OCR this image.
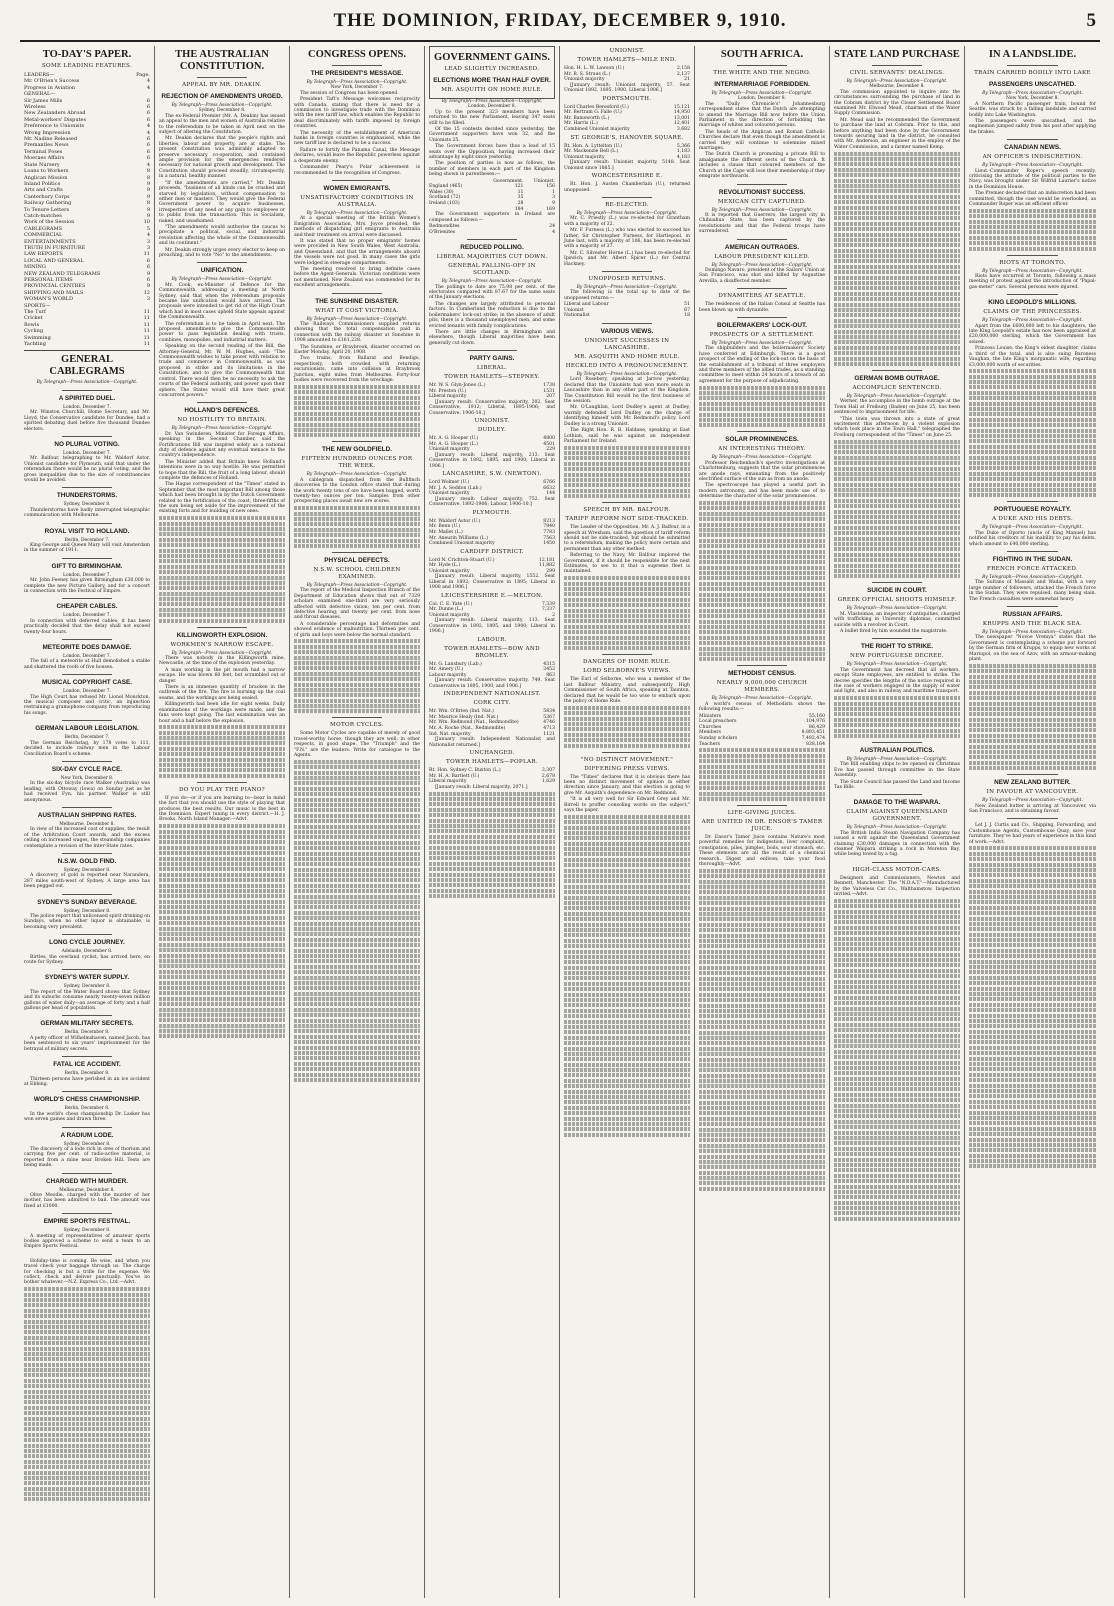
THE DOMINION, FRIDAY, DECEMBER 9, 1910.	5
TO-DAY'S PAPER.
SOME LEADING FEATURES.
LEADERS—	Page.
Mr. O'Brien's Success	4
Progress in Aviation	4
GENERAL—
Sir James Mills	6
Wireless	6
New Zealanders Abroad	6
Metal-workers' Disputes	6
Preference to Unionists	4
Wrong Impression	4
Mr. Nadine Released	6
Premantles News	6
Terminal Poses	6
Moeraes Affairs	6
State Nursery	4
Loans to Workers	8
Anglican Mission	8
Inland Politics	9
Arts and Crafts	9
Canterbury Corps	9
Railway Gathering	8
To Tenure Letters	9
Catch-matches	9
Work of the Session	10
CABLEGRAMS	5
COMMERCIAL	4
ENTERTAINMENTS	3
TRUTH IN FURNITURE	3
LAW REPORTS	11
LOCAL AND GENERAL	6
MINING	6
NEW ZEALAND TELEGRAMS	9
PERSONAL ITEMS	6
PROVINCIAL CENTRES	9
SHIPPING AND MAILS	12
WOMAN'S WORLD	3
SPORTS—
The Turf	11
Cricket	11
Bowls	11
Cycling	11
Swimming	11
Yachting	11
GENERAL CABLEGRAMS
By Telegraph—Press Association—Copyright.
A SPIRITED DUEL.
London, December 7.

Mr. Winston Churchill, Home Secretary, and Mr. Lloyd, the Conservative candidate for Dundee, had a spirited debating duel before five thousand Dundee electors.

NO PLURAL VOTING.
London, December 7.

Mr. Balfour, telegraphing to Mr. Waldorf Astor, Unionist candidate for Plymouth, said that under the referendum there would be no plural voting, and the gross inequalities due to the size of constituencies would be avoided.

THUNDERSTORMS.
Sydney, December 8.

Thunderstorms have badly interrupted telegraphic communication with Melbourne.

ROYAL VISIT TO HOLLAND.
Berlin, December 7.

King George and Queen Mary will visit Amsterdam in the summer of 1911.

GIFT TO BIRMINGHAM.
London, December 7.

Mr. John Feeney has given Birmingham £30,000 to complete the new Picture Gallery, and for a concert in connection with the Festival of Empire.

CHEAPER CABLES.
London, December 7.

In connection with deferred cables, it has been practically decided that the delay shall not exceed twenty-four hours.

METEORITE DOES DAMAGE.
London, December 7.

The fall of a meteorite at Hull demolished a stable and shattered the roofs of five houses.

MUSICAL COPYRIGHT CASE.
London, December 7.

The High Court has refused Mr. Lionel Monckton, the musical composer and critic, an injunction restraining a gramophone company from reproducing his songs.

GERMAN LABOUR LEGISLATION.
Berlin, December 7.

The German Reichstag, by 178 votes to 111, decided to include railway men in the Labour Conciliation Board's scheme.

SIX-DAY CYCLE RACE.
New York, December 8.

In the six-day bicycle race Walker (Australia) was leading, with Ottoway (Iowa) on Sunday just as he had received Fyn, his partner. Walker is still anonymous.

AUSTRALIAN SHIPPING RATES.
Melbourne, December 8.

In view of the increased cost of supplies, the result of the Arbitration Court awards, and the excess ceiling on increased wages, the steamship companies contemplate a revision of the inter-State rates.

N.S.W. GOLD FIND.
Sydney, December 8.

A discovery of gold is reported near Narandera, 287 miles south-west of Sydney. A large area has been pegged out.

SYDNEY'S SUNDAY BEVERAGE.
Sydney, December 8.

The police report that unlicensed spirit drinking on Sundays, when no other liquor is obtainable, is becoming very prevalent.

LONG CYCLE JOURNEY.
Adelaide, December 8.

Birtles, the overland cyclist, has arrived here, en route for Sydney.

SYDNEY'S WATER SUPPLY.
Sydney, December 8.

The report of the Water Board shows that Sydney and its suburbs consume nearly twenty-seven million gallons of water daily—an average of forty and a half gallons per head of population.

GERMAN MILITARY SECRETS.
Berlin, December 8.

A petty officer of Wilhelmshaven, named Jacob, has been sentenced to six years' imprisonment for the betrayal of military secrets.

FATAL ICE ACCIDENT.
Berlin, December 8.

Thirteen persons have perished in an ice accident at Ebbing.

WORLD'S CHESS CHAMPIONSHIP.
Berlin, December 8.

In the world's chess championship Dr. Lasker has won seven games and drawn three.

A RADIUM LODE.
Sydney, December 8.

The discovery of a lode rich in ores of thorium and carrying five per cent. of radio-active material, is reported from a mine near Broken Hill. Tests are being made.

CHARGED WITH MURDER.
Melbourne, December 8.

Olive Meodie, charged with the murder of her mother, has been admitted to bail. The amount was fixed at £1000.

EMPIRE SPORTS FESTIVAL.
Sydney, December 8.

A meeting of representatives of amateur sports bodies approved a scheme to send a team to an Empire Sports Festival.

Holiday-time is coming. Be wise, and when you travel check your baggage through us. The charge for checking is but a trifle for the expense. We collect, check and deliver punctually. You've no bother whatever.—N.Z. Express Co., Ltd.—Advt.

THE AUSTRALIAN CONSTITUTION.
APPEAL BY MR. DEAKIN.
REJECTION OF AMENDMENTS URGED.
By Telegraph—Press Association—Copyright.
Sydney, December 8.

The ex-Federal Premier (Mr. A. Deakin) has issued an appeal to the men and women of Australia relative to the referendum to be taken in April next on the subject of altering the Constitution.

Mr. Deakin declares that the people's rights and liberties, labour and property, are at stake. The present Constitution was admirably adapted to preserve necessary co-operation, and contained ample provision for the emergencies rendered necessary for national growth and development. The Constitution should proceed steadily, circumspectly, in a natural, healthy manner.

"If the amendments are carried," Mr. Deakin proceeds, "business of all kinds can be crushed and starved by legislation, without compensation to either men or masters. They would give the Federal Government power to acquire businesses, irrespective of any need or any gain to employees or to public from the transaction. This is Socialism, naked, and unashamed.

"The amendments would authorise the caucus to precipitate a political, social, and industrial revolution affecting the whole of the Commonwealth and its continent."

Mr. Deakin strongly urges every elector to keep on preaching, and to vote "No" to the amendments.

UNIFICATION.
By Telegraph—Press Association—Copyright.

Mr. Cook, ex-Minister of Defence for the Commonwealth, addressing a meeting at North Sydney, said that when the referendum proposals became law unification would have arrived. The proposals were intended to get rid of the High Court which had in most cases upheld State appeals against the Commonwealth.

The referendum is to be taken in April next. The proposed amendments give the Commonwealth power to pass legislation dealing with trusts, combines, monopolies, and industrial matters.

Speaking on the second reading of the Bill, the Attorney-General, Mr. W. M. Hughes, said: "The Commonwealth wishes to take power with relation to trade and commerce in Commonwealth, as was proposed in strike and its limitations in the Constitution, and to give the Commonwealth that control. There would then be no necessity to ask the courts of the Federal authority, and power upon their sphere. The States would still have their great concurrent powers."

HOLLAND'S DEFENCES.
NO HOSTILITY TO BRITAIN.
By Telegraph—Press Association—Copyright.

Dr. Van Swinderen, Minister for Foreign Affairs, speaking in the Second Chamber, said the Fortifications Bill was inspired solely as a national duty of defence against any eventual menace to the country's independence.

The Minister added that Britain knew Holland's intentions were in no way hostile. He was permitted to hope that the Bill, the fruit of a long labour, should complete the defences of Holland.

The Hague correspondent of the "Times" stated in September that the most important Bill among those which had been brought in by the Dutch Government related to the fortification of the coast, three-fifths of the sum being set aside for the improvement of the existing forts and for building of new ones.

KILLINGWORTH EXPLOSION.
WORKMEN'S NARROW ESCAPE.
By Telegraph—Press Association—Copyright.

There was nobody in the Killingworth mine, Newcastle, at the time of the explosion yesterday.

A man working in the pit mouth had a narrow escape. He was blown 60 feet, but scrambled out of danger.

There is an immense quantity of bracken in the outbreak of the fire. The fire is burning up the coal seams, and the workings are being sealed.

Killingworth had been idle for eight weeks. Daily examinations of the workings were made, and the fans were kept going. The last examination was an hour and a half before the explosion.

DO YOU PLAY THE PIANO?

If you do—or if you are learning to—bear in mind the fact that you should use the style of playing that produces the best results. Our music is the best in the Dominion. Expert tuning in every district.—H. J. Brooks, North Island Manager.—Advt.

CONGRESS OPENS.
THE PRESIDENT'S MESSAGE.
By Telegraph—Press Association—Copyright.
New York, December 7.

The session of Congress has been opened.

President Taft's Message welcomes reciprocity with Canada, stating that there is need for a commission to investigate trade with the Dominion with the new tariff law, which enables the Republic to deal discriminately with tariffs imposed by foreign countries.

The necessity of the establishment of American banks in foreign countries is emphasised, while the new tariff law is declared to be a success.

Failure to fortify the Panama Canal, the Message declares, would leave the Republic powerless against a desperate enemy.

Commander Peary's Polar achievement is recommended to the recognition of Congress.

WOMEN EMIGRANTS.
UNSATISFACTORY CONDITIONS IN AUSTRALIA.
By Telegraph—Press Association—Copyright.

At a special meeting of the British Women's Emigration Association, Mrs. Joyce presided, the methods of dispatching girl emigrants to Australia and their treatment on arrival were discussed.

It was stated that no proper emigrants' homes were provided in New South Wales, West Australia, and Queensland, and that the arrangements aboard the vessels were not good. In many cases the girls were lodged in steerage compartments.

The meeting resolved to bring definite cases before the Agent-Generals. Victorian conditions were not mentioned. New Zealand was commended for its excellent arrangements.

THE SUNSHINE DISASTER.
WHAT IT COST VICTORIA.
By Telegraph—Press Association—Copyright.

The Railways Commissioners supplied returns showing that the total compensation paid in connection with the railway disaster at Sunshine in 1908 amounted to £161,228.

The Sunshine, or Braybrook, disaster occurred on Easter Monday, April 20, 1908.

Two trains, from Ballarat and Bendigo, respectively, both crowded with returning excursionists, came into collision at Braybrook Junction, eight miles from Melbourne. Forty-four bodies were recovered from the wreckage.

THE NEW GOLDFIELD.
FIFTEEN HUNDRED OUNCES FOR THE WEEK.
By Telegraph—Press Association—Copyright.

A cablegram dispatched from the Bullfinch discoveries to the London office stated that during the work twenty tons of ore have been bagged, worth twenty-two ounces per ton. Samples from other prospecting places await new ore scores.

PHYSICAL DEFECTS.
N.S.W. SCHOOL CHILDREN EXAMINED.
By Telegraph—Press Association—Copyright.

The report of the Medical Inspection Branch of the Department of Education shows that out of 7329 scholars examined one-third are very seriously affected with defective vision; ten per cent. from defective hearing; and twenty per cent. from nose and throat diseases.

A considerable percentage had deformities and showed evidence of malnutrition. Thirteen per cent. of girls and boys were below the normal standard.

MOTOR CYCLES.

Some Motor Cycles are capable of merely of good travel-worthy horse, though they are well, in other respects, in good shape. The "Triumph" and the "F.N." are the leaders. Write for catalogue to the Agents.

GOVERNMENT GAINS.
LEAD SLIGHTLY INCREASED.
ELECTIONS MORE THAN HALF OVER.
MR. ASQUITH ON HOME RULE.
By Telegraph—Press Association—Copyright.
London, December 8.

Up to the present 323 members have been returned to the new Parliament, leaving 347 seats still to be filled.

Of the 15 contests decided since yesterday, the Government supporters have won 32, and the Unionists 25.

The Government forces have thus a lead of 15 seats over the Opposition, having increased their advantage by eight since yesterday.

The position of parties is now as follows, the number of members in each part of the Kingdom being shown in parentheses:—

	Government.	Unionist.
England (465)	121	156
Wales (30)	11	1
Scotland (72)	35	3
Ireland (103)	28	9
	184	169

The Government supporters in Ireland are composed as follows:—

Redmondites	24
O'Brienites	4
REDUCED POLLING.
LIBERAL MAJORITIES CUT DOWN.
GENERAL FALLING-OFF IN SCOTLAND.
By Telegraph—Press Association—Copyright.

The pollings to date are 75.98 per cent. of the electorates compared with 87.67 for the same seats of the January elections.

The changes are largely attributed to personal factors. In Cumberland the reduction is due to the boilermakers' lock-out strike; in the absence of adult pits, there is a thousand unemployed men, and some evicted tenants with family complications.

There are little changes in Birmingham and elsewhere, though Liberal majorities have been generally cut down.

PARTY GAINS.
LIBERAL.
TOWER HAMLETS—STEPNEY.
Mr. W. S. Glyn-Jones (L.)	1738
Mr. Preston (U.)	1531
Liberal majority	207

[January result: Conservative majority, 202. Seat Conservative, 1912; Liberal, 1895-1906; and Conservative, 1906-10.]

UNIONIST.
DUDLEY.
Mr. A. G. Hooper (U.)	4800
Mr. A. G. Hooper (L.)	4501
Unionist majority	229

[January result: Liberal majority, 213. Seat Conservative in 1892, 1895, and 1900; Liberal in 1906.]

LANCASHIRE, S.W. (NEWTON).
Lord Wolmer (U.)	6766
Mr. J. A. Seddon (Lab.)	6632
Unionist majority	144

[January result: Labour majority, 752. Seat Conservative, 1892-1906; Labour, 1906-10.]

PLYMOUTH.
Mr. Waldorf Astor (U.)	8213
Mr. Benn (U.)	7940
Mr. Mallet (L.)	7783
Mr. Aneurin Williams (L.)	7563
Combined Unionist majority	1450
CARDIFF DISTRICT.
Lord N. Crichton-Stuart (U.)	12,181
Mr. Hyde (L.)	11,882
Unionist majority	299

[January result: Liberal majority, 1552. Seat Liberal in 1892; Conservative in 1895; Liberal in 1900 and 1906.]

LEICESTERSHIRE E.—MELTON.
Col. C. E. Yate (U.)	7,339
Mr. Dunne (L.)	7,337
Unionist majority	2

[January result: Liberal majority, 113. Seat Conservative in 1892, 1895, and 1900; Liberal in 1906.]

LABOUR.
TOWER HAMLETS—BOW AND BROMLEY.
Mr. G. Lansbury (Lab.)	4315
Mr. Amery (U.)	3452
Labour majority	863

[January result: Conservative majority, 749. Seat Conservative in 1895, 1900, and 1906.]

INDEPENDENT NATIONALIST.
CORK CITY.
Mr. Wm. O'Brien (Ind. Nat.)	5834
Mr. Maurice Healy (Ind. Nat.)	5367
Mr. Wm. Redmond (Nat., Redmondite)	4746
Mr. A. Roche (Nat., Redmondite)	4713
Ind. Nat. majority	1121

[January result: Independent Nationalist and Nationalist returned.]

UNCHANGED.
TOWER HAMLETS—POPLAR.
Rt. Hon. Sydney C. Buxton (L.)	3,307
Mr. H. A. Bartlett (U.)	2,678
Liberal majority	1,629

[January result: Liberal majority, 2071.]

UNIONIST.
TOWER HAMLETS—MILE END.
Hon. H. L. W. Lawson (U.)	2,158
Mr. B. S. Straus (L.)	2,137
Unionist majority	21

[January result: Unionist majority, 57. Seat Unionist 1892, 1895, 1900, Liberal 1906.]

PORTSMOUTH.
Lord Charles Beresford (U.)	15,121
Mr. Bertram G. Falle (U.)	14,950
Mr. Bamsworth (L.)	13,001
Mr. Harris (L.)	12,401
Combined Unionist majority	3,682
ST. GEORGE'S, HANOVER SQUARE.
Rt. Hon. A. Lyttelton (U.)	5,366
Mr. Mackenzie Bell (L.)	1,183
Unionist majority	4,183

[January result: Unionist majority, 5148. Seat Unionist since 1885.]

WORCESTERSHIRE E.

Rt. Hon. J. Austen Chamberlain (U.), returned unopposed.

RE-ELECTED.
By Telegraph—Press Association—Copyright.

Mr. C. Priestly (L.) was re-elected for Grantham with a majority of 32.

Mr. F. Furness (L.) who was elected to succeed his father, Sir Christopher Furness, for Hartlepool, in June last, with a majority of 106, has been re-elected with a majority of 37.

Mr. C. Silvester Horne (L.) has been re-elected for Ipswich; and Mr. Albert Spicer (L.) for Central Hackney.

UNOPPOSED RETURNS.
By Telegraph—Press Association—Copyright.

The following is the total up to date of the unopposed returns:—

Liberal and Labour	51
Unionist	67
Nationalist	18
VARIOUS VIEWS.
UNIONIST SUCCESSES IN LANCASHIRE.
MR. ASQUITH AND HOME RULE.
HECKLED INTO A PRONOUNCEMENT.
By Telegraph—Press Association—Copyright.

Lord Rosebery, speaking at Jarrow yesterday, declared that the Unionists had won more seats in Lancashire than in any other part of the Kingdom. The Constitution Bill would be the first business of the session.

Mr. O'Laughlan, Lord Dudley's agent at Dudley, warmly defended Lord Dudley on the charge of identifying himself with Mr. Redmond's policy. Lord Dudley is a strong Unionist.

The Right Hon. R. B. Haldane, speaking at East Lothian, said he was against an independent Parliament for Ireland.

SPEECH BY MR. BALFOUR.
TARIFF REFORM NOT SIDE-TRACKED.

The Leader of the Opposition, Mr. A. J. Balfour, in a speech at Wrexham, said the question of tariff reform should not be side-tracked, but should be submitted to a referendum, making the policy more certain and permanent than any other method.

Referring to the Navy, Mr. Balfour implored the Government, if it should be responsible for the next Estimates, to see to it that a supreme fleet is maintained.

DANGERS OF HOME RULE.
LORD SELBORNE'S VIEWS.

The Earl of Selborne, who was a member of the last Balfour Ministry, and subsequently High Commissioner of South Africa, speaking at Taunton, declared that he would be too wise to embark upon the policy of Home Rule.

"NO DISTINCT MOVEMENT."
DIFFERING PRESS VIEWS.

The "Times" declares that it is obvious there has been no distinct movement of opinion in either direction since January, and this election is going to give Mr. Asquith's dependence on Mr. Redmond.

"It is all very well for Sir Edward Grey and Mr. Birrell to proffer consoling words on the subject," says the paper.

SOUTH AFRICA.
THE WHITE AND THE NEGRO.
INTERMARRIAGE FORBIDDEN.
By Telegraph—Press Association—Copyright.
London, December 8.

The "Daily Chronicle's" Johannesburg correspondent states that the Dutch are attempting to amend the Marriage Bill now before the Union Parliament in the direction of forbidding the marriage of whites and coloured persons.

The heads of the Anglican and Roman Catholic Churches declare that even though the amendment is carried they will continue to solemnise mixed marriages.

The Dutch Church is promoting a private Bill to amalgamate the different sects of the Church. It includes a clause that coloured members of the Church at the Cape will lose their membership if they emigrate northwards.

REVOLUTIONIST SUCCESS.
MEXICAN CITY CAPTURED.
By Telegraph—Press Association—Copyright.

It is reported that Guerrero, the largest city in Chihuahua State, has been captured by the revolutionists and that the Federal troops have surrendered.

AMERICAN OUTRAGES.
LABOUR PRESIDENT KILLED.
By Telegraph—Press Association—Copyright.

Domingo Navaro, president of the Sailors' Union at San Francisco, was shot and killed by Augustine Arevilla, a disaffected member.

DYNAMITERS AT SEATTLE.

The residences of the Italian Consul at Seattle has been blown up with dynamite.

BOILERMAKERS' LOCK-OUT.
PROSPECTS OF A SETTLEMENT.
By Telegraph—Press Association—Copyright.

The shipbuilders and the boilermakers' Society have conferred at Edinburgh. There is a good prospect of the ending of the lock-out on the basis of the establishment of a tribunal of three employers and three members of the allied trades, as a standing committee to meet within 24 hours of a breach of an agreement for the purpose of adjudicating.

SOLAR PROMINENCES.
AN INTERESTING THEORY.
By Telegraph—Press Association—Copyright.

Professor Reichenbach's spectro investigations at Charlottenburg, suggests that the solar prominences are anode rays, emanating from the positively electrified surface of the sun as from an anode.

The spectroscope has played a useful part in modern astronomy, and has been made use of to determine the character of the solar prominences.

METHODIST CENSUS.
NEARLY 9,000,000 CHURCH MEMBERS.
By Telegraph—Press Association—Copyright.

A world's census of Methodists shows the following results:—

Ministers	55,160
Local preachers	104,976
Churches	86,429
Members	8,893,451
Sunday scholars	7,492,474
Teachers	838,164
LIFE-GIVING JUICES.
ARE UNITED IN DR. ENSOR'S TAMER JUICE.

Dr. Ensor's Tamer Juice contains Nature's most powerful remedies for indigestion, liver complaint, constipation, piles, pimples, boils, sour stomach, etc. These elements are all the result of a chemical research. Digest and enliven; take your food thoroughly—Advt.

STATE LAND PURCHASE
CIVIL SERVANTS' DEALINGS.
By Telegraph—Press Association—Copyright.
Melbourne, December 8.

The commission appointed to inquire into the circumstances surrounding the purchase of land in the Cobram district by the Closer Settlement Board examined Mr. Elwood Mead, chairman of the Water Supply Commission.

Mr. Mead said he recommended the Government to purchase the land at Cobram. Prior to this, and before anything had been done by the Government towards securing land in the district, he consulted with Mr. Anderson, an engineer in the employ of the Water Commission, and a farmer named Kemp.

GERMAN BOMB OUTRAGE.
ACCOMPLICE SENTENCED.
By Telegraph—Press Association—Copyright.

Werner, the accomplice in the bomb outrage at the Town Hall at Freiburg (Baden) on June 25, has been sentenced to imprisonment for life.

"This town was thrown into a state of great excitement this afternoon by a violent explosion which took place in the Town Hall," telegraphed the Freiburg correspondent of the "Times" on June 25.

SUICIDE IN COURT.
GREEK OFFICIAL SHOOTS HIMSELF.
By Telegraph—Press Association—Copyright.

M. Vlastoimas, an inspector of antiquities, charged with trafficking in University diplomas, committed suicide with a revolver in Court.

A bullet fired by him wounded the magistrate.

THE RIGHT TO STRIKE.
NEW PORTUGUESE DECREE.
By Telegraph—Press Association—Copyright.

The Government has decreed that all workers, except State employees, are entitled to strike. The decree specifies the lengths of the notice required in the case of workers engaged in the supply of water and light, and also in railway and maritime transport.

AUSTRALIAN POLITICS.
By Telegraph—Press Association—Copyright.

The Bill enabling ships to be opened on Christmas Eve has passed through committee in the State Assembly.

The State Council has passed the Land and Income Tax Bills.

DAMAGE TO THE WAIPARA.
CLAIM AGAINST QUEENSLAND GOVERNMENT.
By Telegraph—Press Association—Copyright.

The British India Steam Navigation Company has issued a writ against the Queensland Government claiming £30,000 damages in connection with the steamer Waipara striking a rock in Moreton Bay, while being towed by a tug.

HIGH-CLASS MOTOR-CARS.

Designers and Commissioners, Newton and Bennett, Manchester. The "N.O.A.T."—Manufactured by the Valveless Car Co., Walthamstow. Inspection invited.—Advt.

IN A LANDSLIDE.
TRAIN CARRIED BODILY INTO LAKE
PASSENGERS UNSCATHED.
By Telegraph—Press Association—Copyright.
New York, December 8.

A Northern Pacific passenger train, bound for Seattle, was struck by a falling landslide and carried bodily into Lake Washington.

The passengers were unscathed, and the engineman jumped safely from his post after applying the brakes.

CANADIAN NEWS.
AN OFFICER'S INDISCRETION.
By Telegraph—Press Association—Copyright.

Lieut.-Commander Roper's speech recently, criticising the attitude of the political parties to the Navy, was brought under Sir Wilfrid Laurier's notice in the Dominion House.

The Premier declared that an indiscretion had been committed, though the case would be overlooked, as Commander Roper was an efficient officer.

RIOTS AT TORONTO.
By Telegraph—Press Association—Copyright.

Riots have occurred at Toronto, following a mass meeting of protest against the introduction of "Papal-gas-meter" cars. Several persons were injured.

KING LEOPOLD'S MILLIONS.
CLAIMS OF THE PRINCESSES.
By Telegraph—Press Association—Copyright.

Apart from the £600,000 left to his daughters, the late King Leopold's estate has now been appraised at £20,000,000 sterling, which the Government has seized.

Princess Louise, the King's eldest daughter, claims a third of the total, and is also suing Baroness Vaughan, the late King's morganatic wife, regarding £3,000,000 worth of securities.

PORTUGUESE ROYALTY.
A DUKE AND HIS DEBTS.
By Telegraph—Press Association—Copyright.

The Duke of Oporto (uncle of King Manuel) has notified his creditors of his inability to pay his debts, which amount to £40,000 sterling.

FIGHTING IN THE SUDAN.
FRENCH FORCE ATTACKED.
By Telegraph—Press Association—Copyright.

The Sultans of Massalit and Wadai, with a very large number of followers, attacked the French force in the Sudan. They were repulsed, many being slain. The French casualties were somewhat heavy.

RUSSIAN AFFAIRS.
KRUPPS AND THE BLACK SEA.
By Telegraph—Press Association—Copyright.

The newspaper "Novoe Vremya" states that the Government is contemplating a scheme put forward by the German firm of Krupps, to equip new works at Mariupol, on the sea of Azov, with an armour-making plant.

NEW ZEALAND BUTTER.
IN FAVOUR AT VANCOUVER.
By Telegraph—Press Association—Copyright.

New Zealand butter is arriving at Vancouver, via San Francisco, and is obtaining favour.

Let J. J. Curtis and Co., Shipping, Forwarding, and Customhouse Agents, Customhouse Quay, save your furniture. They've had years of experience in this kind of work.—Advt.
